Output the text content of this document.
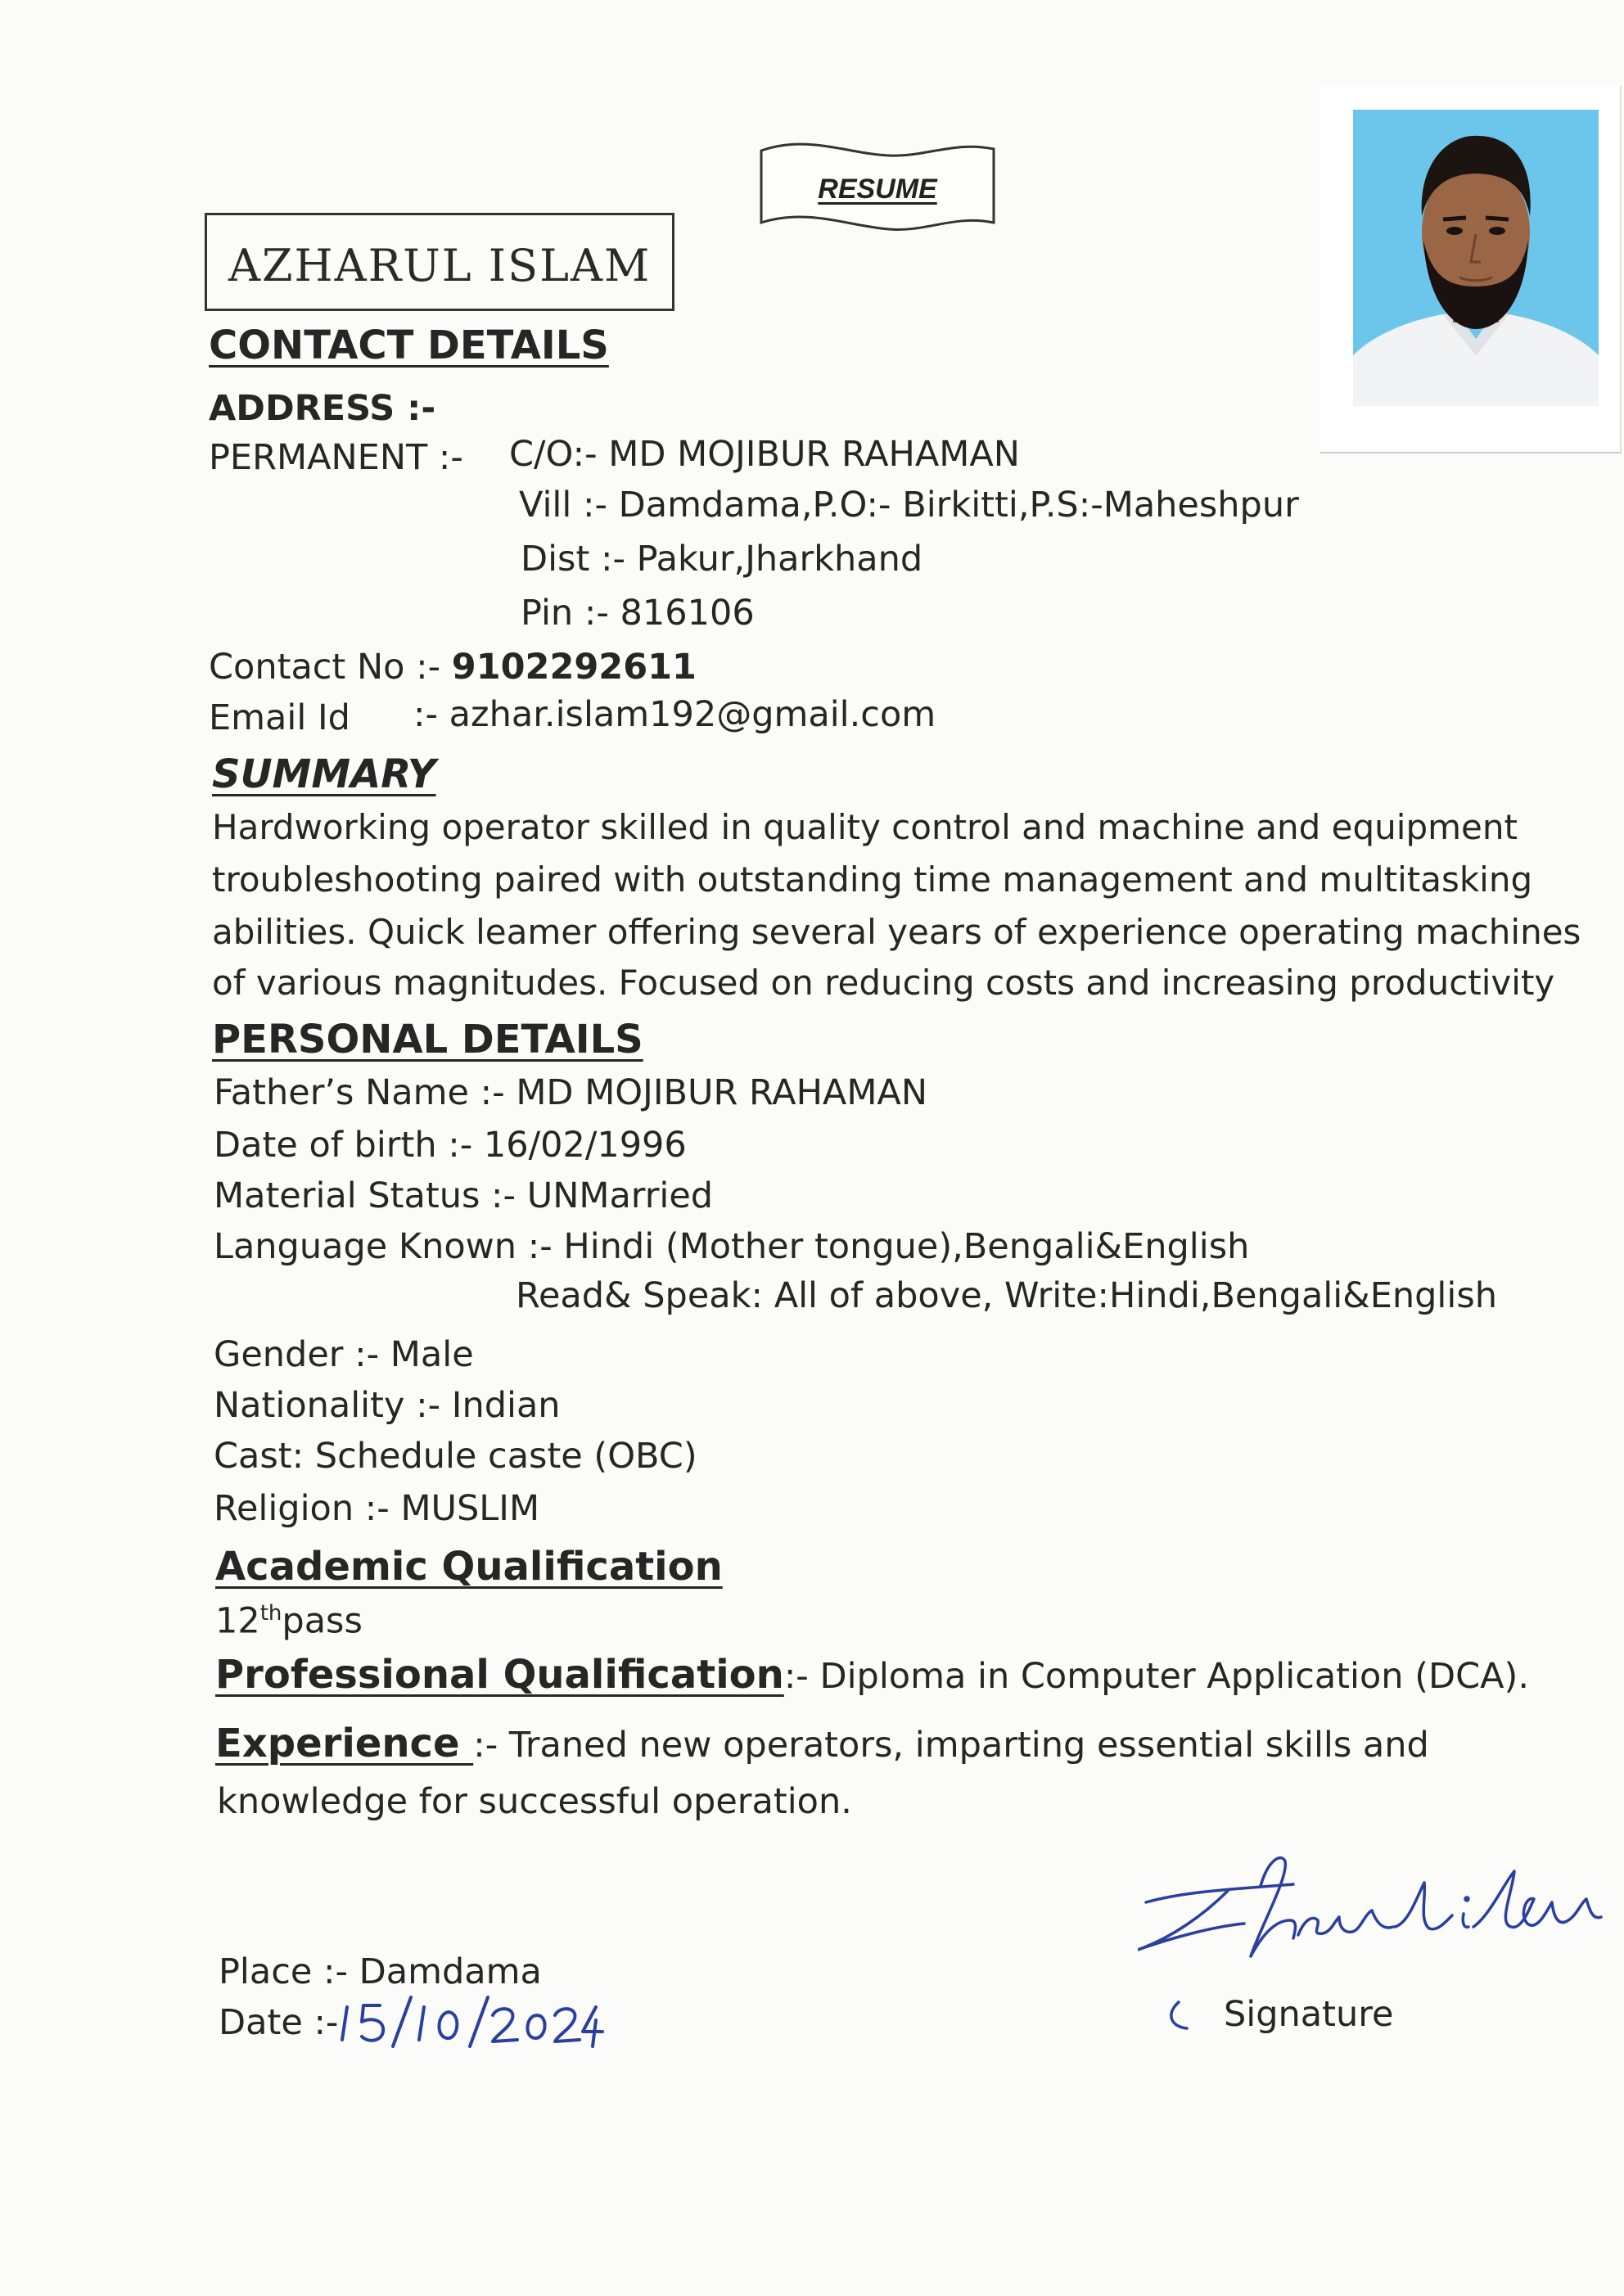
RESUME
AZHARUL ISLAM
CONTACT DETAILS
ADDRESS :-
PERMANENT :- C/O:- MD MOJIBUR RAHAMAN
Vill :- Damdama,P.O:- Birkitti,P.S:-Maheshpur
Dist :- Pakur,Jharkhand
Pin :- 816106
Contact No :- 9102292611
Email Id :- azhar.islam192@gmail.com
SUMMARY
Hardworking operator skilled in quality control and machine and equipment
troubleshooting paired with outstanding time management and multitasking
abilities. Quick leamer offering several years of experience operating machines
of various magnitudes. Focused on reducing costs and increasing productivity
PERSONAL DETAILS
Father’s Name :- MD MOJIBUR RAHAMAN
Date of birth :- 16/02/1996
Material Status :- UNMarried
Language Known :- Hindi (Mother tongue),Bengali&English
Read& Speak: All of above, Write:Hindi,Bengali&English
Gender :- Male
Nationality :- Indian
Cast: Schedule caste (OBC)
Religion :- MUSLIM
Academic Qualification
12thpass
Professional Qualification:- Diploma in Computer Application (DCA).
Experience :- Traned new operators, imparting essential skills and
knowledge for successful operation.
Place :- Damdama
Date :-	Signature
